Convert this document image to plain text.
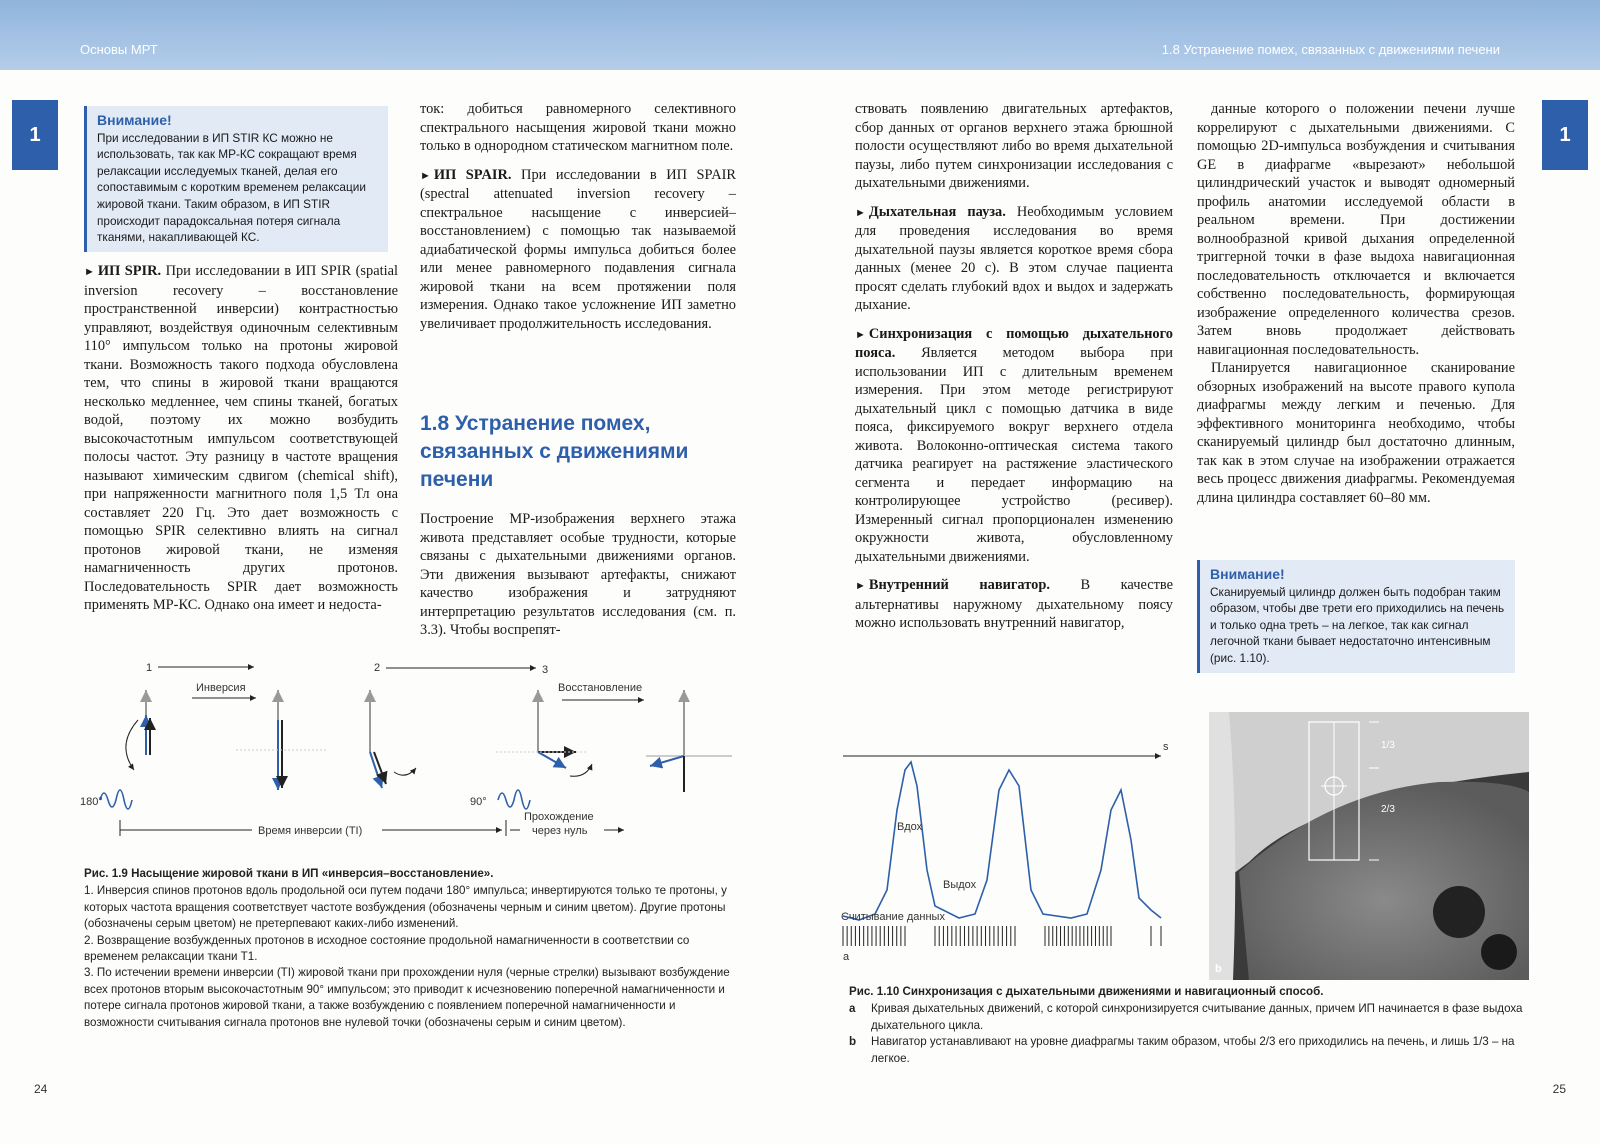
Основы МРТ
1
Внимание!
При исследовании в ИП STIR КС можно не использовать, так как МР-КС сокращают время релаксации исследуемых тканей, делая его сопоставимым с коротким временем релаксации жировой ткани. Таким образом, в ИП STIR происходит парадоксальная потеря сигнала тканями, накапливающей КС.

► ИП SPIR. При исследовании в ИП SPIR (spatial inversion recovery – восстановление пространственной инверсии) контрастностью управляют, воздействуя одиночным селективным 110° импульсом только на протоны жировой ткани. Возможность такого подхода обусловлена тем, что спины в жировой ткани вращаются несколько медленнее, чем спины тканей, богатых водой, поэтому их можно возбудить высокочастотным импульсом соответствующей полосы частот. Эту разницу в частоте вращения называют химическим сдвигом (chemical shift), при напряженности магнитного поля 1,5 Тл она составляет 220 Гц. Это дает возможность с помощью SPIR селективно влиять на сигнал протонов жировой ткани, не изменяя намагниченность других протонов. Последовательность SPIR дает возможность применять МР-КС. Однако она имеет и недоста-

ток: добиться равномерного селективного спектрального насыщения жировой ткани можно только в однородном статическом магнитном поле.

► ИП SPAIR. При исследовании в ИП SPAIR (spectral attenuated inversion recovery – спектральное насыщение с инверсией–восстановлением) с помощью так называемой адиабатической формы импульса добиться более или менее равномерного подавления сигнала жировой ткани на всем протяжении поля измерения. Однако такое усложнение ИП заметно увеличивает продолжительность исследования.

1.8 Устранение помех, связанных с движениями печени

Построение МР-изображения верхнего этажа живота представляет особые трудности, которые связаны с дыхательными движениями органов. Эти движения вызывают артефакты, снижают качество изображения и затрудняют интерпретацию результатов исследования (см. п. 3.3). Чтобы воспрепят-

1	2	3
Инверсия	Восстановление
180°	90°
Время инверсии (TI)
Прохождение
через нуль
Рис. 1.9 Насыщение жировой ткани в ИП «инверсия–восстановление».
1. Инверсия спинов протонов вдоль продольной оси путем подачи 180° импульса; инвертируются только те протоны, у которых частота вращения соответствует частоте возбуждения (обозначены черным и синим цветом). Другие протоны (обозначены серым цветом) не претерпевают каких-либо изменений.
2. Возвращение возбужденных протонов в исходное состояние продольной намагниченности в соответствии со временем релаксации ткани Т1.
3. По истечении времени инверсии (TI) жировой ткани при прохождении нуля (черные стрелки) вызывают возбуждение всех протонов вторым высокочастотным 90° импульсом; это приводит к исчезновению поперечной намагниченности и потере сигнала протонов жировой ткани, а также возбуждению с появлением поперечной намагниченности и возможности считывания сигнала протонов вне нулевой точки (обозначены серым и синим цветом).
24
1.8 Устранение помех, связанных с движениями печени
1

ствовать появлению двигательных артефактов, сбор данных от органов верхнего этажа брюшной полости осуществляют либо во время дыхательной паузы, либо путем синхронизации исследования с дыхательными движениями.

► Дыхательная пауза. Необходимым условием для проведения исследования во время дыхательной паузы является короткое время сбора данных (менее 20 с). В этом случае пациента просят сделать глубокий вдох и выдох и задержать дыхание.

► Синхронизация с помощью дыхательного пояса. Является методом выбора при использовании ИП с длительным временем измерения. При этом методе регистрируют дыхательный цикл с помощью датчика в виде пояса, фиксируемого вокруг верхнего отдела живота. Волоконно-оптическая система такого датчика реагирует на растяжение эластического сегмента и передает информацию на контролирующее устройство (ресивер). Измеренный сигнал пропорционален изменению окружности живота, обусловленному дыхательными движениями.

► Внутренний навигатор. В качестве альтернативы наружному дыхательному поясу можно использовать внутренний навигатор,

данные которого о положении печени лучше коррелируют с дыхательными движениями. С помощью 2D-импульса возбуждения и считывания GE в диафрагме «вырезают» небольшой цилиндрический участок и выводят одномерный профиль анатомии исследуемой области в реальном времени. При достижении волнообразной кривой дыхания определенной триггерной точки в фазе выдоха навигационная последовательность отключается и включается собственно последовательность, формирующая изображение определенного количества срезов. Затем вновь продолжает действовать навигационная последовательность.

Планируется навигационное сканирование обзорных изображений на высоте правого купола диафрагмы между легким и печенью. Для эффективного мониторинга необходимо, чтобы сканируемый цилиндр был достаточно длинным, так как в этом случае на изображении отражается весь процесс движения диафрагмы. Рекомендуемая длина цилиндра составляет 60–80 мм.

Внимание!
Сканируемый цилиндр должен быть подобран таким образом, чтобы две трети его приходились на печень и только одна треть – на легкое, так как сигнал легочной ткани бывает недостаточно интенсивным (рис. 1.10).
s
Вдох
Выдох
Считывание данных
a
1/3
2/3
b
Рис. 1.10 Синхронизация с дыхательными движениями и навигационный способ.
a	Кривая дыхательных движений, с которой синхронизируется считывание данных, причем ИП начинается в фазе выдоха дыхательного цикла.
b	Навигатор устанавливают на уровне диафрагмы таким образом, чтобы 2/3 его приходились на печень, и лишь 1/3 – на легкое.
25
